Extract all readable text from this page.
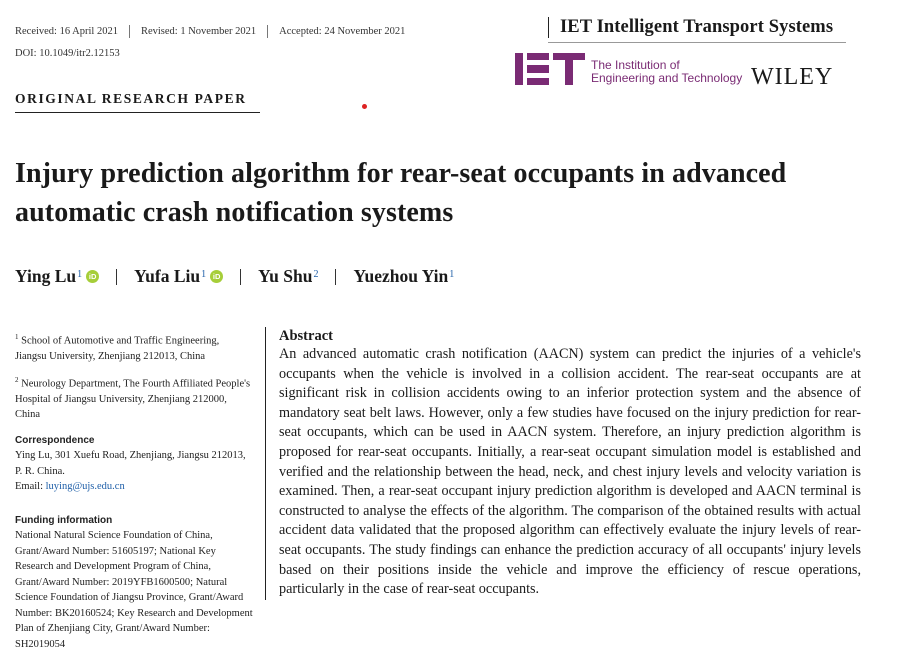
Received: 16 April 2021 Revised: 1 November 2021 Accepted: 24 November 2021
DOI: 10.1049/itr2.12153
IET Intelligent Transport Systems
The Institution of
Engineering and Technology WILEY
ORIGINAL RESEARCH PAPER
Injury prediction algorithm for rear-seat occupants in advanced automatic crash notification systems
Ying Lu$^1$ iD Yufa Liu$^1$ iD Yu Shu$^2$ Yuezhou Yin$^1$

$^1$ School of Automotive and Traffic Engineering, Jiangsu University, Zhenjiang 212013, China

$^2$ Neurology Department, The Fourth Affiliated People's Hospital of Jiangsu University, Zhenjiang 212000, China

Correspondence

Ying Lu, 301 Xuefu Road, Zhenjiang, Jiangsu 212013, P. R. China.

Email: luying@ujs.edu.cn

Funding information

National Natural Science Foundation of China, Grant/Award Number: 51605197; National Key Research and Development Program of China, Grant/Award Number: 2019YFB1600500; Natural Science Foundation of Jiangsu Province, Grant/Award Number: BK20160524; Key Research and Development Plan of Zhenjiang City, Grant/Award Number: SH2019054

Abstract

An advanced automatic crash notification (AACN) system can predict the injuries of a vehicle's occupants when the vehicle is involved in a collision accident. The rear-seat occupants are at significant risk in collision accidents owing to an inferior protection system and the absence of mandatory seat belt laws. However, only a few studies have focused on the injury prediction for rear-seat occupants, which can be used in AACN system. Therefore, an injury prediction algorithm is proposed for rear-seat occupants. Initially, a rear-seat occupant simulation model is established and verified and the relationship between the head, neck, and chest injury levels and velocity variation is examined. Then, a rear-seat occupant injury prediction algorithm is developed and AACN terminal is constructed to analyse the effects of the algorithm. The comparison of the obtained results with actual accident data validated that the proposed algorithm can effectively evaluate the injury levels of rear-seat occupants. The study findings can enhance the prediction accuracy of all occupants' injury levels based on their positions inside the vehicle and improve the efficiency of rescue operations, particularly in the case of rear-seat occupants.
